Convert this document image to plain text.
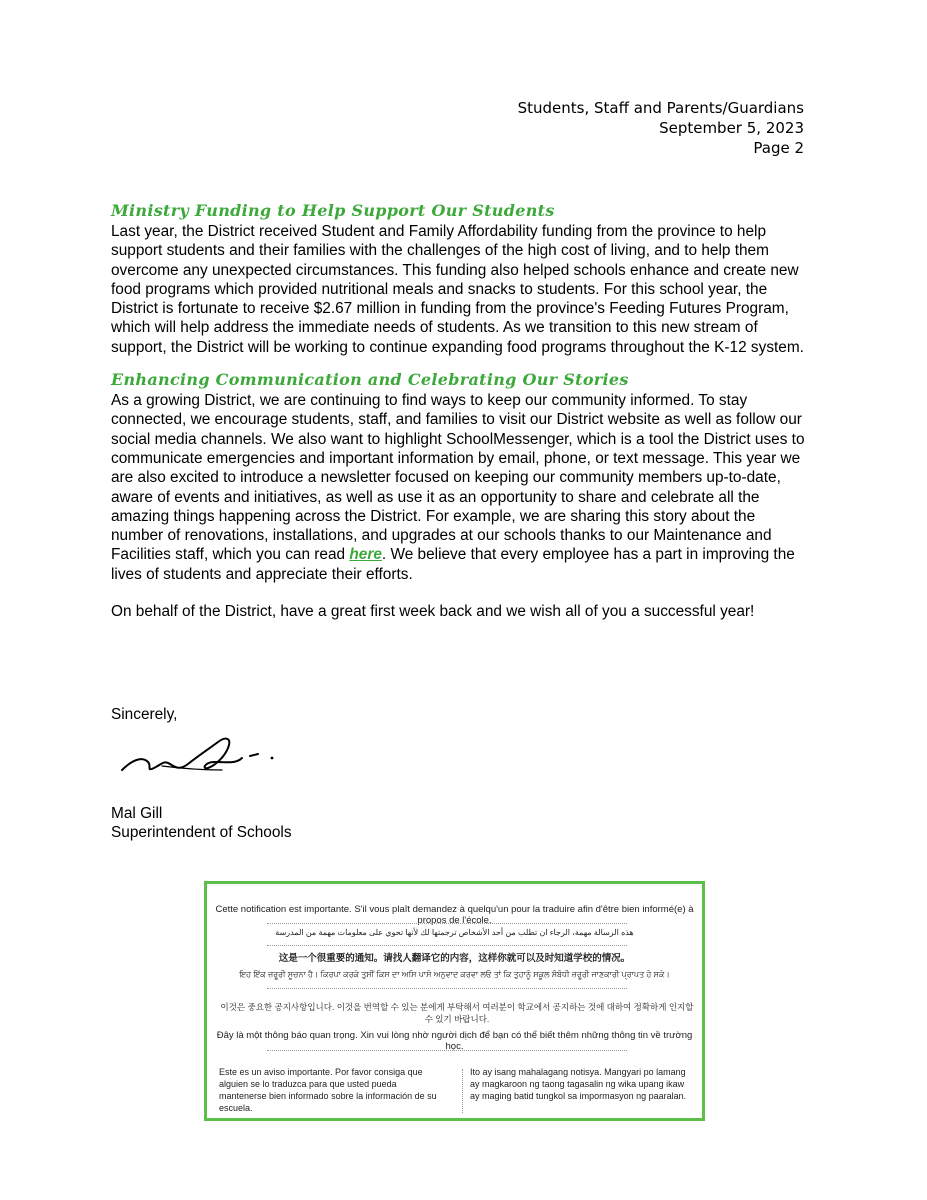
Students, Staff and Parents/Guardians
September 5, 2023
Page 2
Ministry Funding to Help Support Our Students

Last year, the District received Student and Family Affordability funding from the province to help support students and their families with the challenges of the high cost of living, and to help them overcome any unexpected circumstances. This funding also helped schools enhance and create new food programs which provided nutritional meals and snacks to students. For this school year, the District is fortunate to receive $2.67 million in funding from the province's Feeding Futures Program, which will help address the immediate needs of students. As we transition to this new stream of support, the District will be working to continue expanding food programs throughout the K-12 system.

Enhancing Communication and Celebrating Our Stories

As a growing District, we are continuing to find ways to keep our community informed. To stay connected, we encourage students, staff, and families to visit our District website as well as follow our social media channels. We also want to highlight SchoolMessenger, which is a tool the District uses to communicate emergencies and important information by email, phone, or text message. This year we are also excited to introduce a newsletter focused on keeping our community members up-to-date, aware of events and initiatives, as well as use it as an opportunity to share and celebrate all the amazing things happening across the District. For example, we are sharing this story about the number of renovations, installations, and upgrades at our schools thanks to our Maintenance and Facilities staff, which you can read here. We believe that every employee has a part in improving the lives of students and appreciate their efforts.

On behalf of the District, have a great first week back and we wish all of you a successful year!

Sincerely,
Mal Gill
Superintendent of Schools
Cette notification est importante. S'il vous plaît demandez à quelqu'un pour la traduire afin d'être bien informé(e) à propos de l'école.
هذه الرسالة مهمة، الرجاء ان تطلب من أحد الأشخاص ترجمتها لك لأنها تحوي على معلومات مهمة من المدرسة
这是一个很重要的通知。请找人翻译它的内容，这样你就可以及时知道学校的情况。
ਇਹ ਇੱਕ ਜ਼ਰੂਰੀ ਸੂਚਨਾ ਹੈ। ਕਿਰਪਾ ਕਰਕੇ ਤੁਸੀਂ ਕਿਸ ਦਾ ਅਸਿ ਪਾਸੋ ਅਨੁਵਾਦ ਕਰਵਾ ਲਓ ਤਾਂ ਕਿ ਤੁਹਾਨੂੰ ਸਕੂਲ ਸੰਬੰਧੀ ਜ਼ਰੂਰੀ ਜਾਣਕਾਰੀ ਪ੍ਰਾਪਤ ਹੋ ਸਕੇ।
이것은 중요한 공지사항입니다. 이것을 번역할 수 있는 분에게 부탁해서 여러분이 학교에서 공지하는 것에 대하여 정확하게 인지할 수 있기 바랍니다.
Đây là một thông báo quan trọng. Xin vui lòng nhờ người dịch để bạn có thể biết thêm những thông tin về trường học.
Este es un aviso importante. Por favor consiga que alguien se lo traduzca para que usted pueda mantenerse bien informado sobre la información de su escuela.
Ito ay isang mahalagang notisya. Mangyari po lamang ay magkaroon ng taong tagasalin ng wika upang ikaw ay maging batid tungkol sa impormasyon ng paaralan.
